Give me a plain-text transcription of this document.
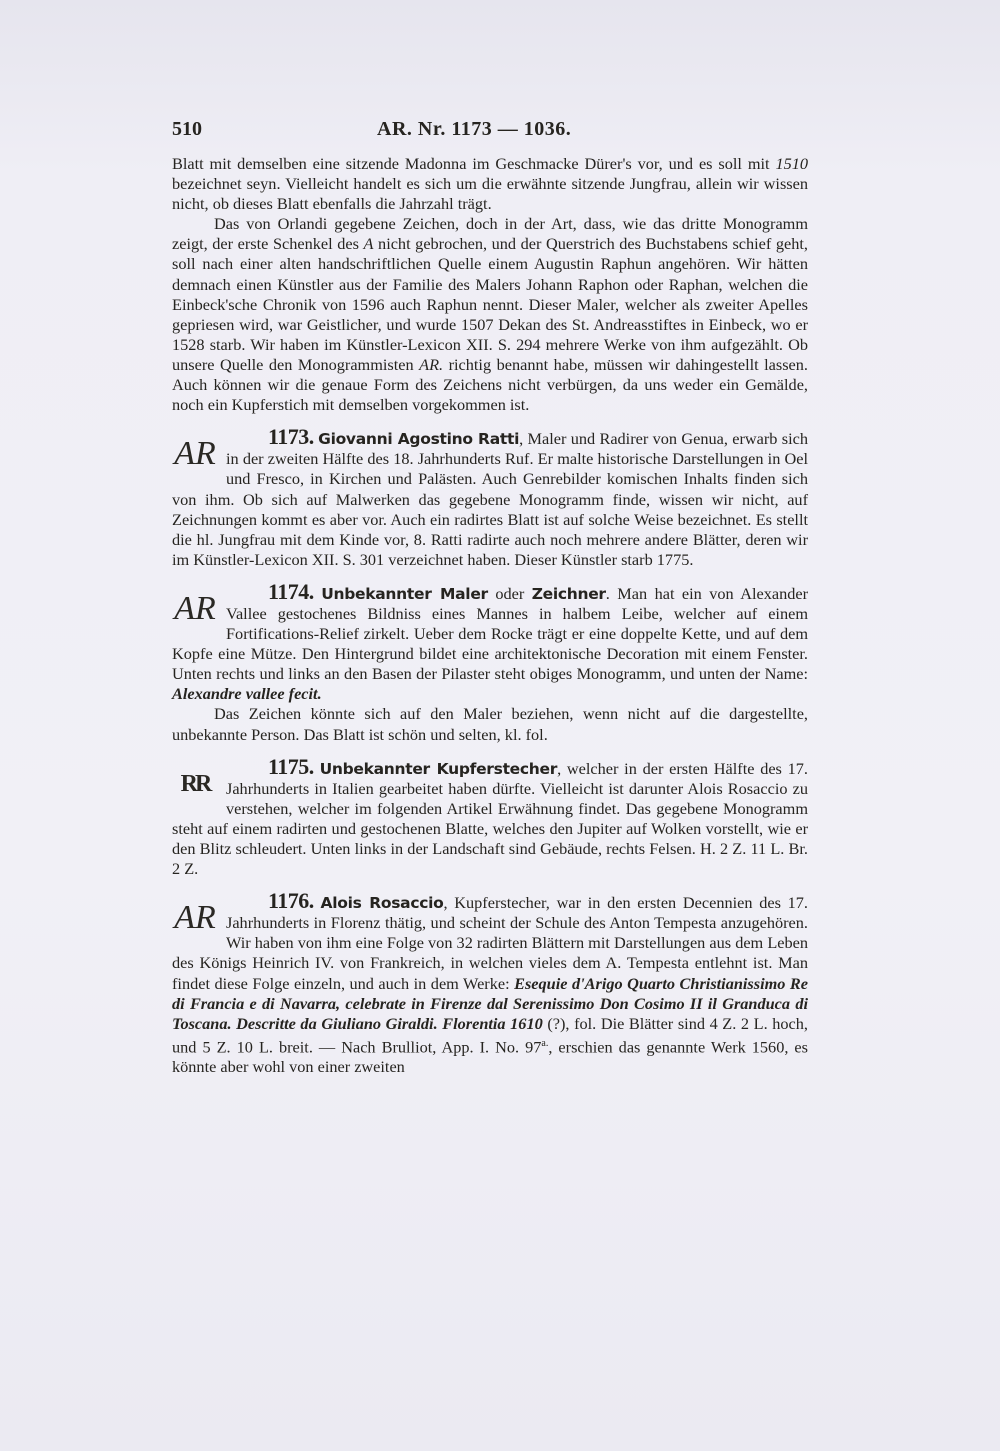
510	AR. Nr. 1173 — 1036.

Blatt mit demselben eine sitzende Madonna im Geschmacke Dürer's vor, und es soll mit 1510 bezeichnet seyn. Vielleicht handelt es sich um die erwähnte sitzende Jungfrau, allein wir wissen nicht, ob dieses Blatt ebenfalls die Jahrzahl trägt.

Das von Orlandi gegebene Zeichen, doch in der Art, dass, wie das dritte Monogramm zeigt, der erste Schenkel des A nicht gebrochen, und der Querstrich des Buchstabens schief geht, soll nach einer alten handschriftlichen Quelle einem Augustin Raphun angehören. Wir hätten demnach einen Künstler aus der Familie des Malers Johann Raphon oder Raphan, welchen die Einbeck'sche Chronik von 1596 auch Raphun nennt. Dieser Maler, welcher als zweiter Apelles gepriesen wird, war Geistlicher, und wurde 1507 Dekan des St. Andreasstiftes in Einbeck, wo er 1528 starb. Wir haben im Künstler-Lexicon XII. S. 294 mehrere Werke von ihm aufgezählt. Ob unsere Quelle den Monogrammisten AR. richtig benannt habe, müssen wir dahingestellt lassen. Auch können wir die genaue Form des Zeichens nicht verbürgen, da uns weder ein Gemälde, noch ein Kupferstich mit demselben vorgekommen ist.

1173. Giovanni Agostino Ratti
AR	, Maler und Radirer von Genua, erwarb sich in der zweiten Hälfte des 18. Jahrhunderts Ruf. Er malte historische Darstellungen in Oel und Fresco, in Kirchen und Palästen. Auch Genrebilder komischen Inhalts finden sich von ihm. Ob sich auf Malwerken das gegebene Monogramm finde, wissen wir nicht, auf Zeichnungen kommt es aber vor. Auch ein radirtes Blatt ist auf solche Weise bezeichnet. Es stellt die hl. Jungfrau mit dem Kinde vor, 8. Ratti radirte auch noch mehrere andere Blätter, deren wir im Künstler-Lexicon XII. S. 301 verzeichnet haben. Dieser Künstler starb 1775.

1174. Unbekannter Maler oder Zeichner
AR	. Man hat ein von Alexander Vallee gestochenes Bildniss eines Mannes in halbem Leibe, welcher auf einem Fortifications-Relief zirkelt. Ueber dem Rocke trägt er eine doppelte Kette, und auf dem Kopfe eine Mütze. Den Hintergrund bildet eine architektonische Decoration mit einem Fenster. Unten rechts und links an den Basen der Pilaster steht obiges Monogramm, und unten der Name: Alexandre vallee fecit.

Das Zeichen könnte sich auf den Maler beziehen, wenn nicht auf die dargestellte, unbekannte Person. Das Blatt ist schön und selten, kl. fol.

1175. Unbekannter Kupferstecher
RR
, welcher in der ersten Hälfte des 17. Jahrhunderts in Italien gearbeitet haben dürfte. Vielleicht ist darunter Alois Rosaccio zu verstehen, welcher im folgenden Artikel Erwähnung findet. Das gegebene Monogramm steht auf einem radirten und gestochenen Blatte, welches den Jupiter auf Wolken vorstellt, wie er den Blitz schleudert. Unten links in der Landschaft sind Gebäude, rechts Felsen. H. 2 Z. 11 L. Br. 2 Z.

1176. Alois Rosaccio
AR	, Kupferstecher, war in den ersten Decennien des 17. Jahrhunderts in Florenz thätig, und scheint der Schule des Anton Tempesta anzugehören. Wir haben von ihm eine Folge von 32 radirten Blättern mit Darstellungen aus dem Leben des Königs Heinrich IV. von Frankreich, in welchen vieles dem A. Tempesta entlehnt ist. Man findet diese Folge einzeln, und auch in dem Werke: Esequie d'Arigo Quarto Christianissimo Re di Francia e di Navarra, celebrate in Firenze dal Serenissimo Don Cosimo II il Granduca di Toscana. Descritte da Giuliano Giraldi. Florentia 1610 (?), fol. Die Blätter sind 4 Z. 2 L. hoch, und 5 Z. 10 L. breit. — Nach Brulliot, App. I. No. $97^{a.}$, erschien das genannte Werk 1560, es könnte aber wohl von einer zweiten
